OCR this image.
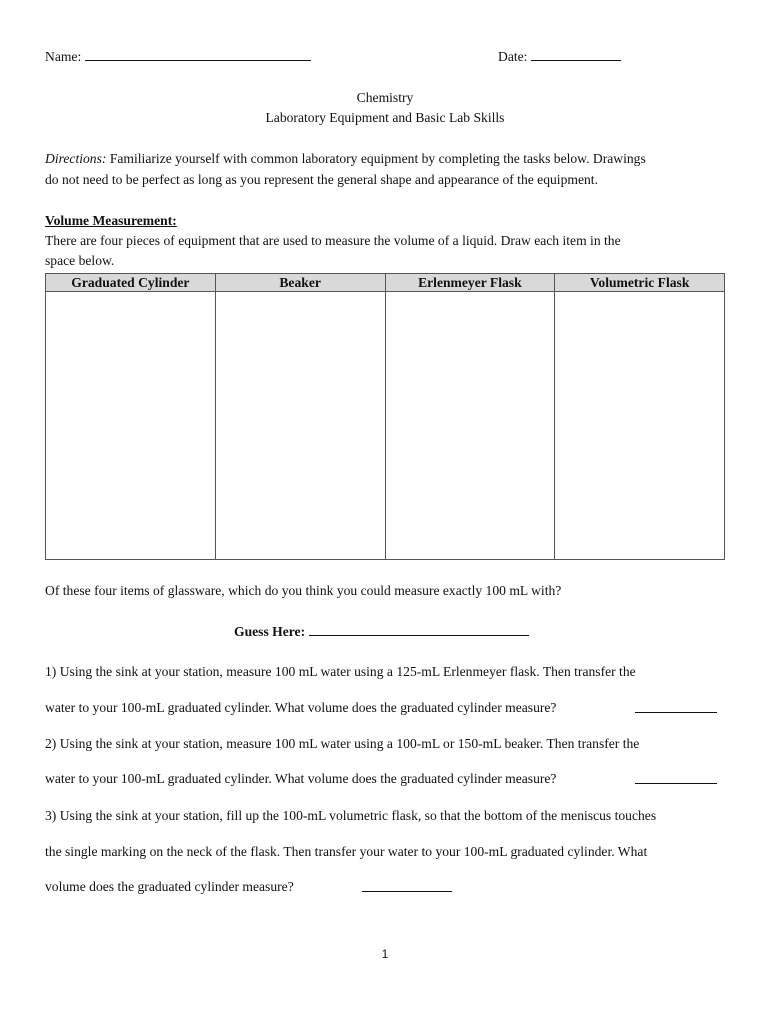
Name:	Date:
Chemistry
Laboratory Equipment and Basic Lab Skills
Directions: Familiarize yourself with common laboratory equipment by completing the tasks below. Drawings
do not need to be perfect as long as you represent the general shape and appearance of the equipment.
Volume Measurement:
There are four pieces of equipment that are used to measure the volume of a liquid. Draw each item in the
space below.
Graduated Cylinder	Beaker	Erlenmeyer Flask	Volumetric Flask

Of these four items of glassware, which do you think you could measure exactly 100 mL with?
Guess Here:
1) Using the sink at your station, measure 100 mL water using a 125-mL Erlenmeyer flask. Then transfer the
water to your 100-mL graduated cylinder. What volume does the graduated cylinder measure?
2) Using the sink at your station, measure 100 mL water using a 100-mL or 150-mL beaker. Then transfer the
water to your 100-mL graduated cylinder. What volume does the graduated cylinder measure?
3) Using the sink at your station, fill up the 100-mL volumetric flask, so that the bottom of the meniscus touches
the single marking on the neck of the flask. Then transfer your water to your 100-mL graduated cylinder. What
volume does the graduated cylinder measure?
1
